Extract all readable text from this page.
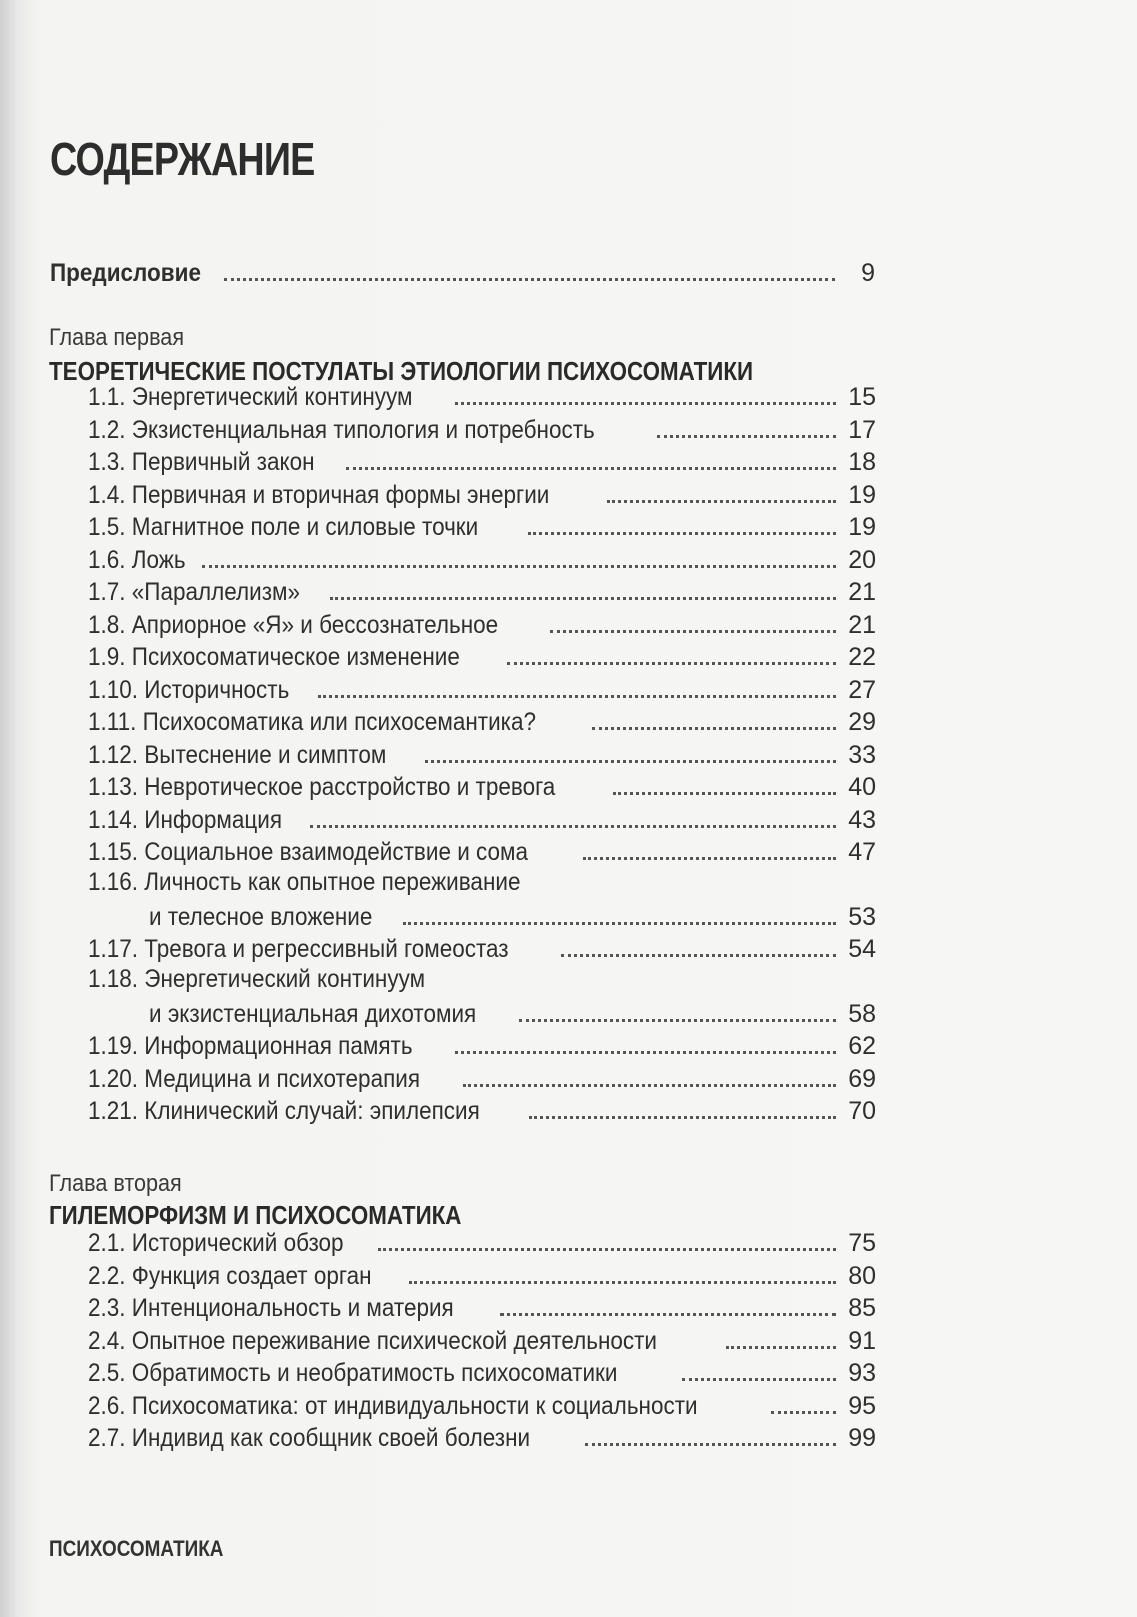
СОДЕРЖАНИЕ
Предисловие	9
Глава первая
ТЕОРЕТИЧЕСКИЕ ПОСТУЛАТЫ ЭТИОЛОГИИ ПСИХОСОМАТИКИ
1.1. Энергетический континуум	15
1.2. Экзистенциальная типология и потребность	17
1.3. Первичный закон	18
1.4. Первичная и вторичная формы энергии	19
1.5. Магнитное поле и силовые точки	19
1.6. Ложь	20
1.7. «Параллелизм»	21
1.8. Априорное «Я» и бессознательное	21
1.9. Психосоматическое изменение	22
1.10. Историчность	27
1.11. Психосоматика или психосемантика?	29
1.12. Вытеснение и симптом	33
1.13. Невротическое расстройство и тревога	40
1.14. Информация	43
1.15. Социальное взаимодействие и сома	47
1.16. Личность как опытное переживание
и телесное вложение	53
1.17. Тревога и регрессивный гомеостаз	54
1.18. Энергетический континуум
и экзистенциальная дихотомия	58
1.19. Информационная память	62
1.20. Медицина и психотерапия	69
1.21. Клинический случай: эпилепсия	70
Глава вторая
ГИЛЕМОРФИЗМ И ПСИХОСОМАТИКА
2.1. Исторический обзор	75
2.2. Функция создает орган	80
2.3. Интенциональность и материя	85
2.4. Опытное переживание психической деятельности	91
2.5. Обратимость и необратимость психосоматики	93
2.6. Психосоматика: от индивидуальности к социальности	95
2.7. Индивид как сообщник своей болезни	99
ПСИХОСОМАТИКА
